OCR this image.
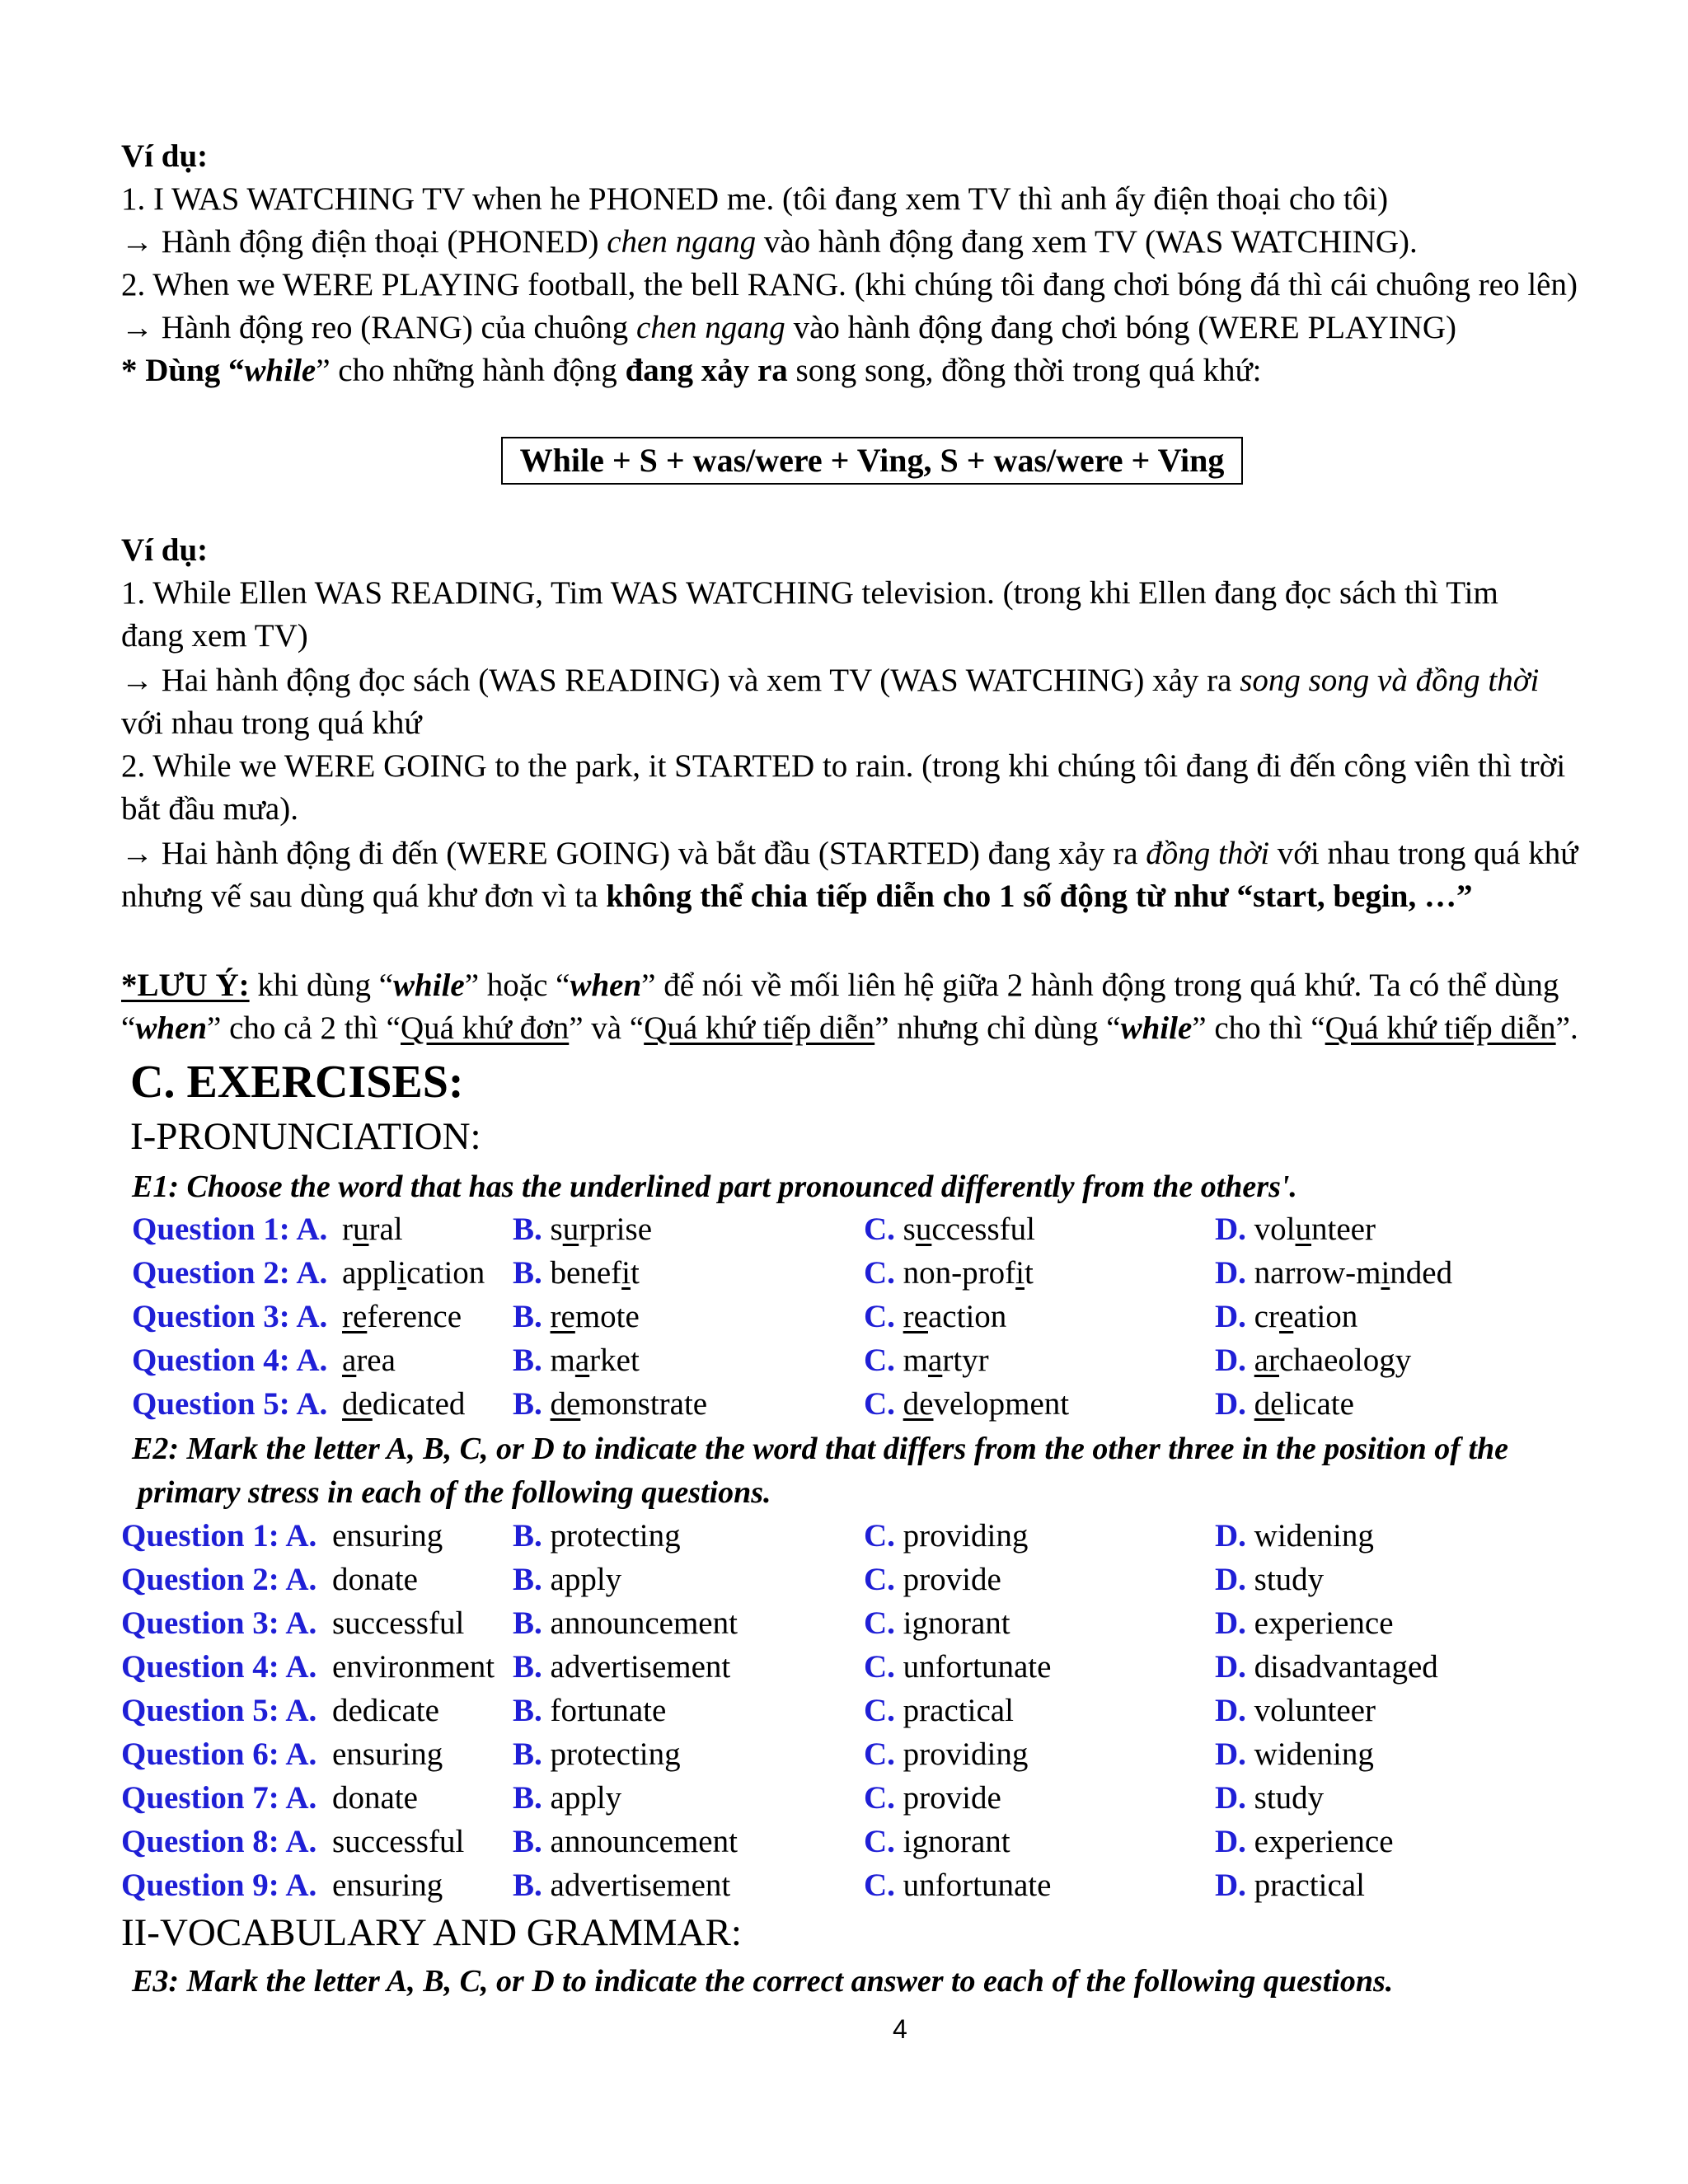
Ví dụ:
1. I WAS WATCHING TV when he PHONED me. (tôi đang xem TV thì anh ấy điện thoại cho tôi)
→ Hành động điện thoại (PHONED) chen ngang vào hành động đang xem TV (WAS WATCHING).
2. When we WERE PLAYING football, the bell RANG. (khi chúng tôi đang chơi bóng đá thì cái chuông reo lên)
→ Hành động reo (RANG) của chuông chen ngang vào hành động đang chơi bóng (WERE PLAYING)
* Dùng “while” cho những hành động đang xảy ra song song, đồng thời trong quá khứ:
While + S + was/were + Ving, S + was/were + Ving
Ví dụ:
1. While Ellen WAS READING, Tim WAS WATCHING television. (trong khi Ellen đang đọc sách thì Tim
đang xem TV)
→ Hai hành động đọc sách (WAS READING) và xem TV (WAS WATCHING) xảy ra song song và đồng thời
với nhau trong quá khứ
2. While we WERE GOING to the park, it STARTED to rain. (trong khi chúng tôi đang đi đến công viên thì trời
bắt đầu mưa).
→ Hai hành động đi đến (WERE GOING) và bắt đầu (STARTED) đang xảy ra đồng thời với nhau trong quá khứ
nhưng vế sau dùng quá khư đơn vì ta không thể chia tiếp diễn cho 1 số động từ như “start, begin, …”
*LƯU Ý: khi dùng “while” hoặc “when” để nói về mối liên hệ giữa 2 hành động trong quá khứ. Ta có thể dùng
“when” cho cả 2 thì “Quá khứ đơn” và “Quá khứ tiếp diễn” nhưng chỉ dùng “while” cho thì “Quá khứ tiếp diễn”.
C. EXERCISES:
I-PRONUNCIATION:
E1: Choose the word that has the underlined part pronounced differently from the others'.
Question 1: A. rural	B. surprise	C. successful	D. volunteer
Question 2: A. application B. benefit	C. non-profit	D. narrow-minded
Question 3: A. reference B. remote	C. reaction	D. creation
Question 4: A. area	B. market	C. martyr	D. archaeology
Question 5: A. dedicated B. demonstrate	C. development	D. delicate
E2: Mark the letter A, B, C, or D to indicate the word that differs from the other three in the position of the
primary stress in each of the following questions.
Question 1: A. ensuring B. protecting	C. providing	D. widening
Question 2: A. donate	B. apply	C. provide	D. study
Question 3: A. successful B. announcement	C. ignorant	D. experience
Question 4: A. environment B. advertisement	C. unfortunate	D. disadvantaged
Question 5: A. dedicate B. fortunate	C. practical	D. volunteer
Question 6: A. ensuring B. protecting	C. providing	D. widening
Question 7: A. donate	B. apply	C. provide	D. study
Question 8: A. successful B. announcement	C. ignorant	D. experience
Question 9: A. ensuring B. advertisement	C. unfortunate	D. practical
II-VOCABULARY AND GRAMMAR:
E3: Mark the letter A, B, C, or D to indicate the correct answer to each of the following questions.
4
